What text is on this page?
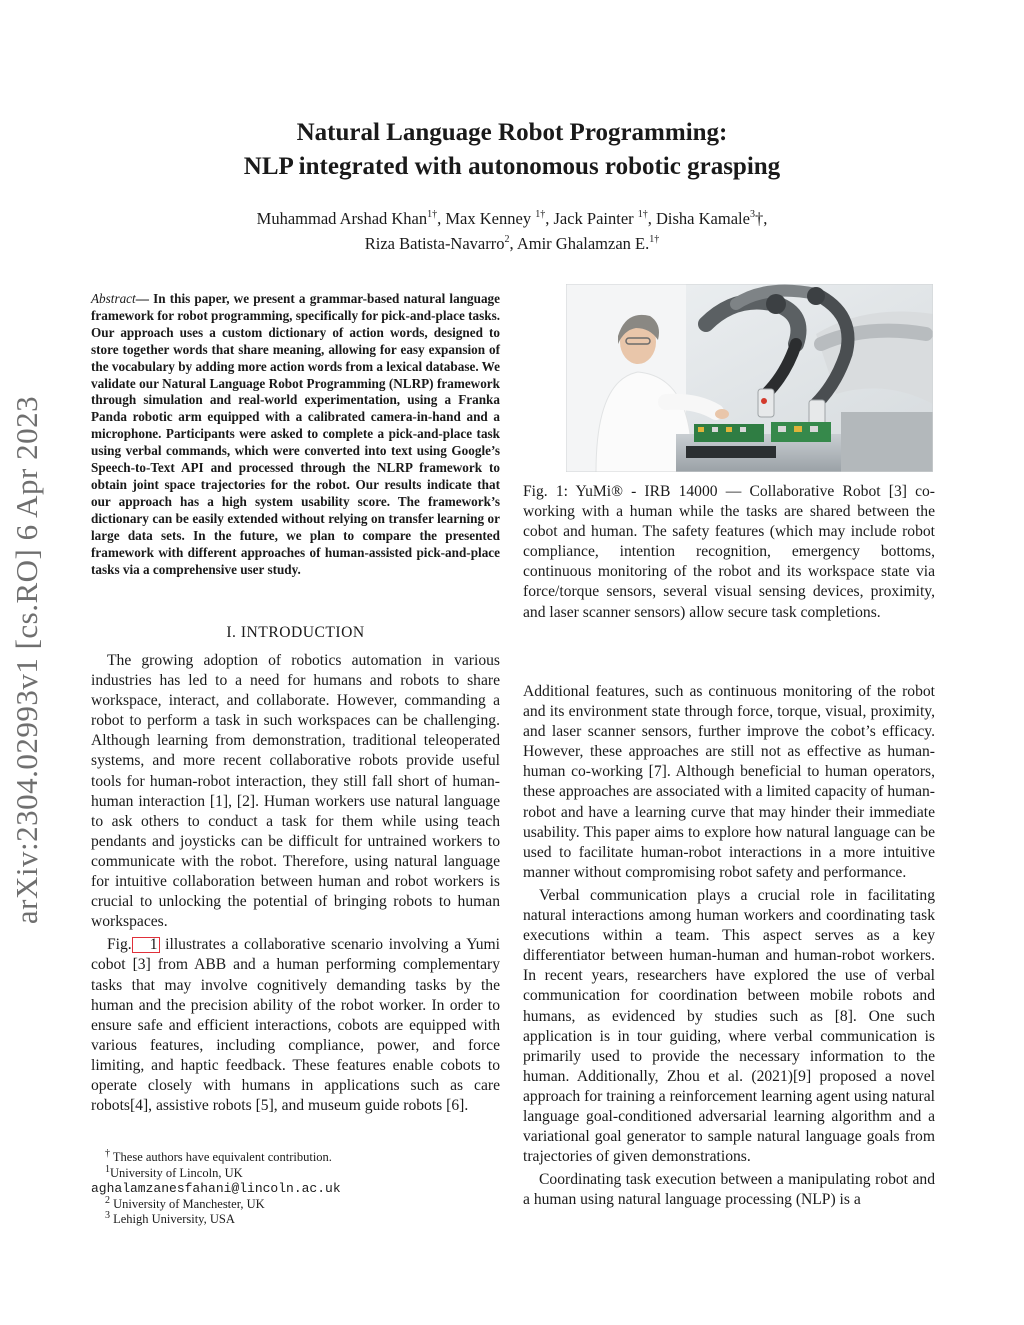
arXiv:2304.02993v1 [cs.RO] 6 Apr 2023
Natural Language Robot Programming:
NLP integrated with autonomous robotic grasping
Muhammad Arshad Khan$^{1\dagger}$, Max Kenney $^{1\dagger}$, Jack Painter $^{1\dagger}$, Disha Kamale$^3$†,
Riza Batista-Navarro$^2$, Amir Ghalamzan E.$^{1\dagger}$
Abstract— In this paper, we present a grammar-based natural language framework for robot programming, specifically for pick-and-place tasks. Our approach uses a custom dictionary of action words, designed to store together words that share meaning, allowing for easy expansion of the vocabulary by adding more action words from a lexical database. We validate our Natural Language Robot Programming (NLRP) framework through simulation and real-world experimentation, using a Franka Panda robotic arm equipped with a calibrated camera-in-hand and a microphone. Participants were asked to complete a pick-and-place task using verbal commands, which were converted into text using Google’s Speech-to-Text API and processed through the NLRP framework to obtain joint space trajectories for the robot. Our results indicate that our approach has a high system usability score. The framework’s dictionary can be easily extended without relying on transfer learning or large data sets. In the future, we plan to compare the presented framework with different approaches of human-assisted pick-and-place tasks via a comprehensive user study.
I. INTRODUCTION

The growing adoption of robotics automation in various industries has led to a need for humans and robots to share workspace, interact, and collaborate. However, commanding a robot to perform a task in such workspaces can be challenging. Although learning from demonstration, traditional teleoperated systems, and more recent collaborative robots provide useful tools for human-robot interaction, they still fall short of human-human interaction [1], [2]. Human workers use natural language to ask others to conduct a task for them while using teach pendants and joysticks can be difficult for untrained workers to communicate with the robot. Therefore, using natural language for intuitive collaboration between human and robot workers is crucial to unlocking the potential of bringing robots to human workspaces.

Fig. 1 illustrates a collaborative scenario involving a Yumi cobot [3] from ABB and a human performing complementary tasks that may involve cognitively demanding tasks by the human and the precision ability of the robot worker. In order to ensure safe and efficient interactions, cobots are equipped with various features, including compliance, power, and force limiting, and haptic feedback. These features enable cobots to operate closely with humans in applications such as care robots[4], assistive robots [5], and museum guide robots [6].

† These authors have equivalent contribution.

$^1$University of Lincoln, UK

aghalamzanesfahani@lincoln.ac.uk

$^2$ University of Manchester, UK

$^3$ Lehigh University, USA

Fig. 1: YuMi® - IRB 14000 — Collaborative Robot [3] co-working with a human while the tasks are shared between the cobot and human. The safety features (which may include robot compliance, intention recognition, emergency bottoms, continuous monitoring of the robot and its workspace state via force/torque sensors, several visual sensing devices, proximity, and laser scanner sensors) allow secure task completions.

Additional features, such as continuous monitoring of the robot and its environment state through force, torque, visual, proximity, and laser scanner sensors, further improve the cobot’s efficacy. However, these approaches are still not as effective as human-human co-working [7]. Although beneficial to human operators, these approaches are associated with a limited capacity of human-robot and have a learning curve that may hinder their immediate usability. This paper aims to explore how natural language can be used to facilitate human-robot interactions in a more intuitive manner without compromising robot safety and performance.

Verbal communication plays a crucial role in facilitating natural interactions among human workers and coordinating task executions within a team. This aspect serves as a key differentiator between human-human and human-robot workers. In recent years, researchers have explored the use of verbal communication for coordination between mobile robots and humans, as evidenced by studies such as [8]. One such application is in tour guiding, where verbal communication is primarily used to provide the necessary information to the human. Additionally, Zhou et al. (2021)[9] proposed a novel approach for training a reinforcement learning agent using natural language goal-conditioned adversarial learning algorithm and a variational goal generator to sample natural language goals from trajectories of given demonstrations.

Coordinating task execution between a manipulating robot and a human using natural language processing (NLP) is a
